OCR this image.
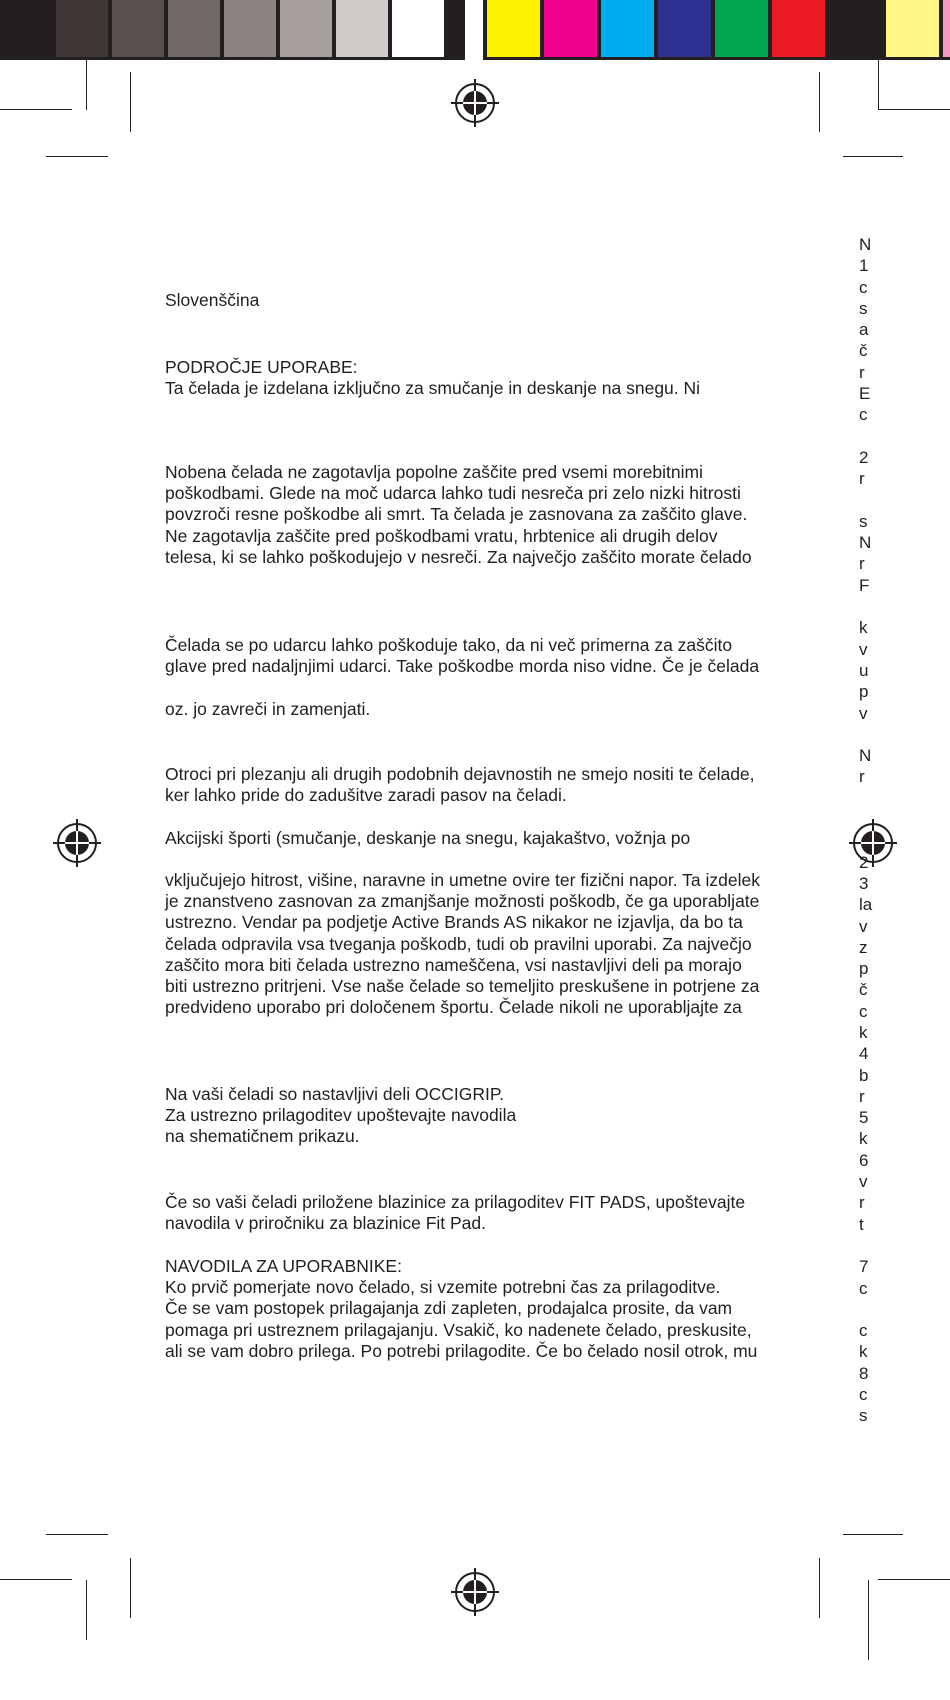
Slovenščina
PODROČJE UPORABE:
Ta čelada je izdelana izključno za smučanje in deskanje na snegu. Ni
Nobena čelada ne zagotavlja popolne zaščite pred vsemi morebitnimi
poškodbami. Glede na moč udarca lahko tudi nesreča pri zelo nizki hitrosti
povzroči resne poškodbe ali smrt. Ta čelada je zasnovana za zaščito glave.
Ne zagotavlja zaščite pred poškodbami vratu, hrbtenice ali drugih delov
telesa, ki se lahko poškodujejo v nesreči. Za največjo zaščito morate čelado
Čelada se po udarcu lahko poškoduje tako, da ni več primerna za zaščito
glave pred nadaljnjimi udarci. Take poškodbe morda niso vidne. Če je čelada
oz. jo zavreči in zamenjati.
Otroci pri plezanju ali drugih podobnih dejavnostih ne smejo nositi te čelade,
ker lahko pride do zadušitve zaradi pasov na čeladi.
Akcijski športi (smučanje, deskanje na snegu, kajakaštvo, vožnja po
vključujejo hitrost, višine, naravne in umetne ovire ter fizični napor. Ta izdelek
je znanstveno zasnovan za zmanjšanje možnosti poškodb, če ga uporabljate
ustrezno. Vendar pa podjetje Active Brands AS nikakor ne izjavlja, da bo ta
čelada odpravila vsa tveganja poškodb, tudi ob pravilni uporabi. Za največjo
zaščito mora biti čelada ustrezno nameščena, vsi nastavljivi deli pa morajo
biti ustrezno pritrjeni. Vse naše čelade so temeljito preskušene in potrjene za
predvideno uporabo pri določenem športu. Čelade nikoli ne uporabljajte za
Na vaši čeladi so nastavljivi deli OCCIGRIP.
Za ustrezno prilagoditev upoštevajte navodila
na shematičnem prikazu.
Če so vaši čeladi priložene blazinice za prilagoditev FIT PADS, upoštevajte
navodila v priročniku za blazinice Fit Pad.
NAVODILA ZA UPORABNIKE:
Ko prvič pomerjate novo čelado, si vzemite potrebni čas za prilagoditve.
Če se vam postopek prilagajanja zdi zapleten, prodajalca prosite, da vam
pomaga pri ustreznem prilagajanju. Vsakič, ko nadenete čelado, preskusite,
ali se vam dobro prilega. Po potrebi prilagodite. Če bo čelado nosil otrok, mu
N
1
c
s
a
č
r
E
c
2
r
s
N
r
F
k
v
u
p
v
N
r
2
3
la
v
z
p
č
c
k
4
b
r
5
k
6
v
r
t
7
c
c
k
8
c
s
